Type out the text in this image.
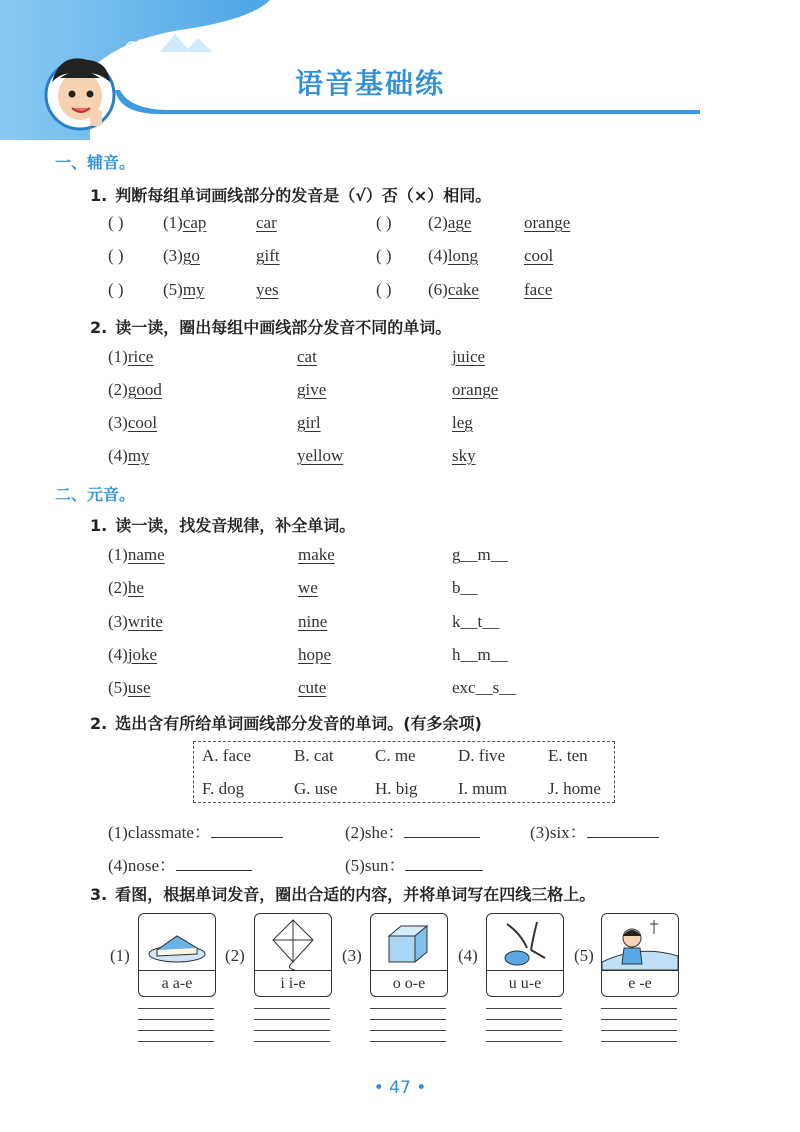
语音基础练
一、辅音。
1. 判断每组单词画线部分的发音是（√）否（×）相同。
( ) (1)cap	car	( ) (2)age	orange
( ) (3)go	gift	( ) (4)long	cool
( ) (5)my	yes	( ) (6)cake	face
2. 读一读，圈出每组中画线部分发音不同的单词。
(1)rice	cat	juice
(2)good	give	orange
(3)cool	girl	leg
(4)my	yellow	sky
二、元音。
1. 读一读，找发音规律，补全单词。
(1)name	make	g__m__
(2)he	we	b__
(3)write	nine	k__t__
(4)joke	hope	h__m__
(5)use	cute	exc__s__
2. 选出含有所给单词画线部分发音的单词。(有多余项)
A. face	B. cat C. me D. five	E. ten
F. dog	G. use H. big I. mum J. home
(1)classmate：	(2)she：	(3)six：
(4)nose：	(5)sun：
3. 看图，根据单词发音，圈出合适的内容，并将单词写在四线三格上。
(1)
a a-e
(2)
i i-e
(3)
o o-e
(4)
u u-e
(5)
e -e
• 47 •
